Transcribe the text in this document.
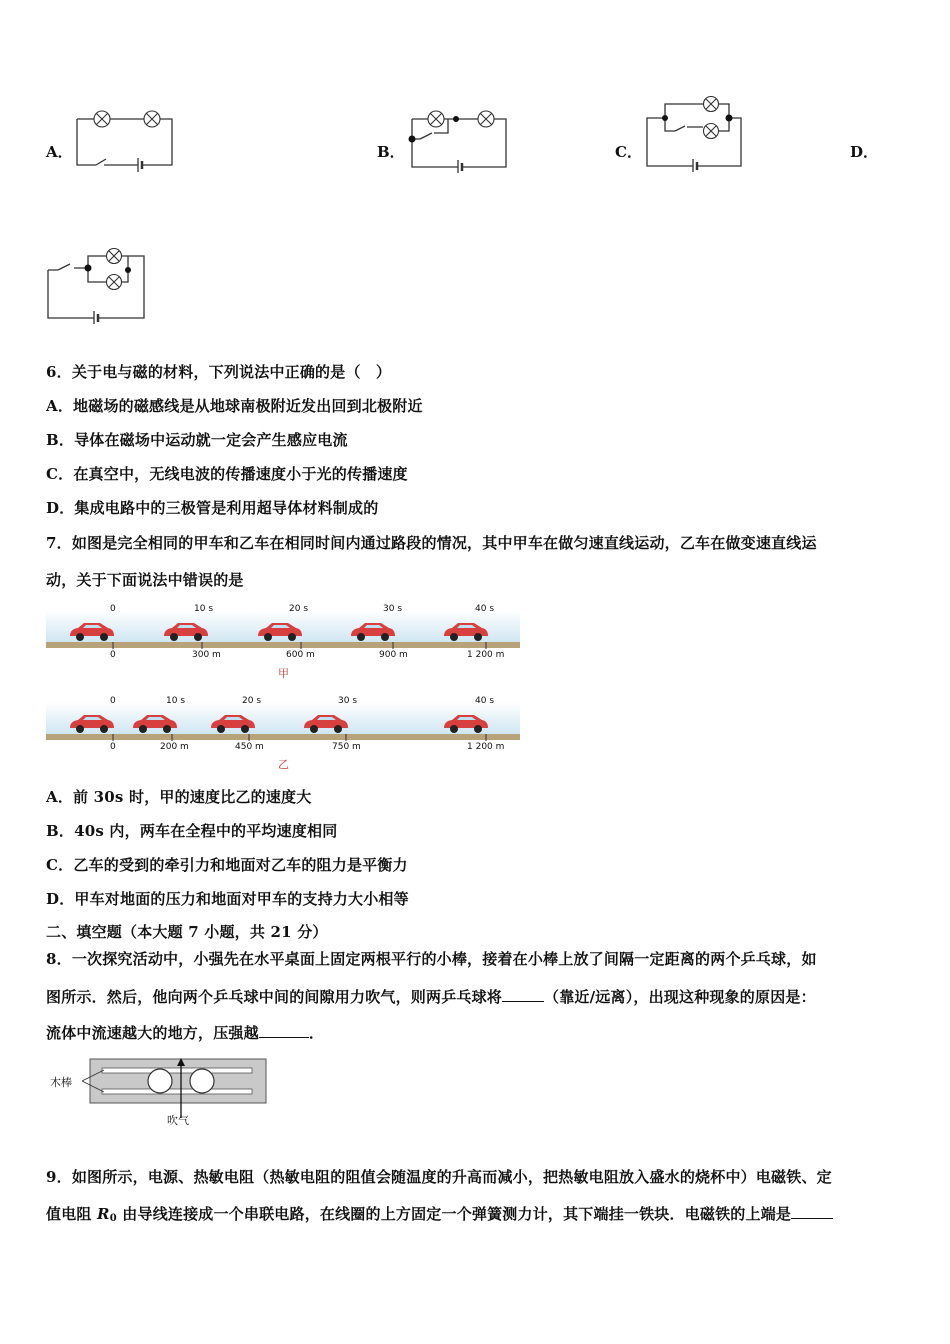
A．	B．	C．	D．
6．关于电与磁的材料，下列说法中正确的是（　）
A．地磁场的磁感线是从地球南极附近发出回到北极附近
B．导体在磁场中运动就一定会产生感应电流
C．在真空中，无线电波的传播速度小于光的传播速度
D．集成电路中的三极管是利用超导体材料制成的
7．如图是完全相同的甲车和乙车在相同时间内通过路段的情况，其中甲车在做匀速直线运动，乙车在做变速直线运
动，关于下面说法中错误的是
0	10 s	20 s	30 s	40 s
0	300 m	600 m	900 m	1 200 m
甲
0	10 s	20 s	30 s	40 s
0	200 m	450 m	750 m	1 200 m
乙
A．前 30s 时，甲的速度比乙的速度大
B．40s 内，两车在全程中的平均速度相同
C．乙车的受到的牵引力和地面对乙车的阻力是平衡力
D．甲车对地面的压力和地面对甲车的支持力大小相等
二、填空题（本大题 7 小题，共 21 分）
8．一次探究活动中，小强先在水平桌面上固定两根平行的小棒，接着在小棒上放了间隔一定距离的两个乒乓球，如
图所示．然后，他向两个乒乓球中间的间隙用力吹气，则两乒乓球将	（靠近/远离），出现这种现象的原因是：
流体中流速越大的地方，压强越	．
木棒
吹气
9．如图所示，电源、热敏电阻（热敏电阻的阻值会随温度的升高而减小，把热敏电阻放入盛水的烧杯中）电磁铁、定
值电阻 $R_0$ 由导线连接成一个串联电路，在线圈的上方固定一个弹簧测力计，其下端挂一铁块．电磁铁的上端是
